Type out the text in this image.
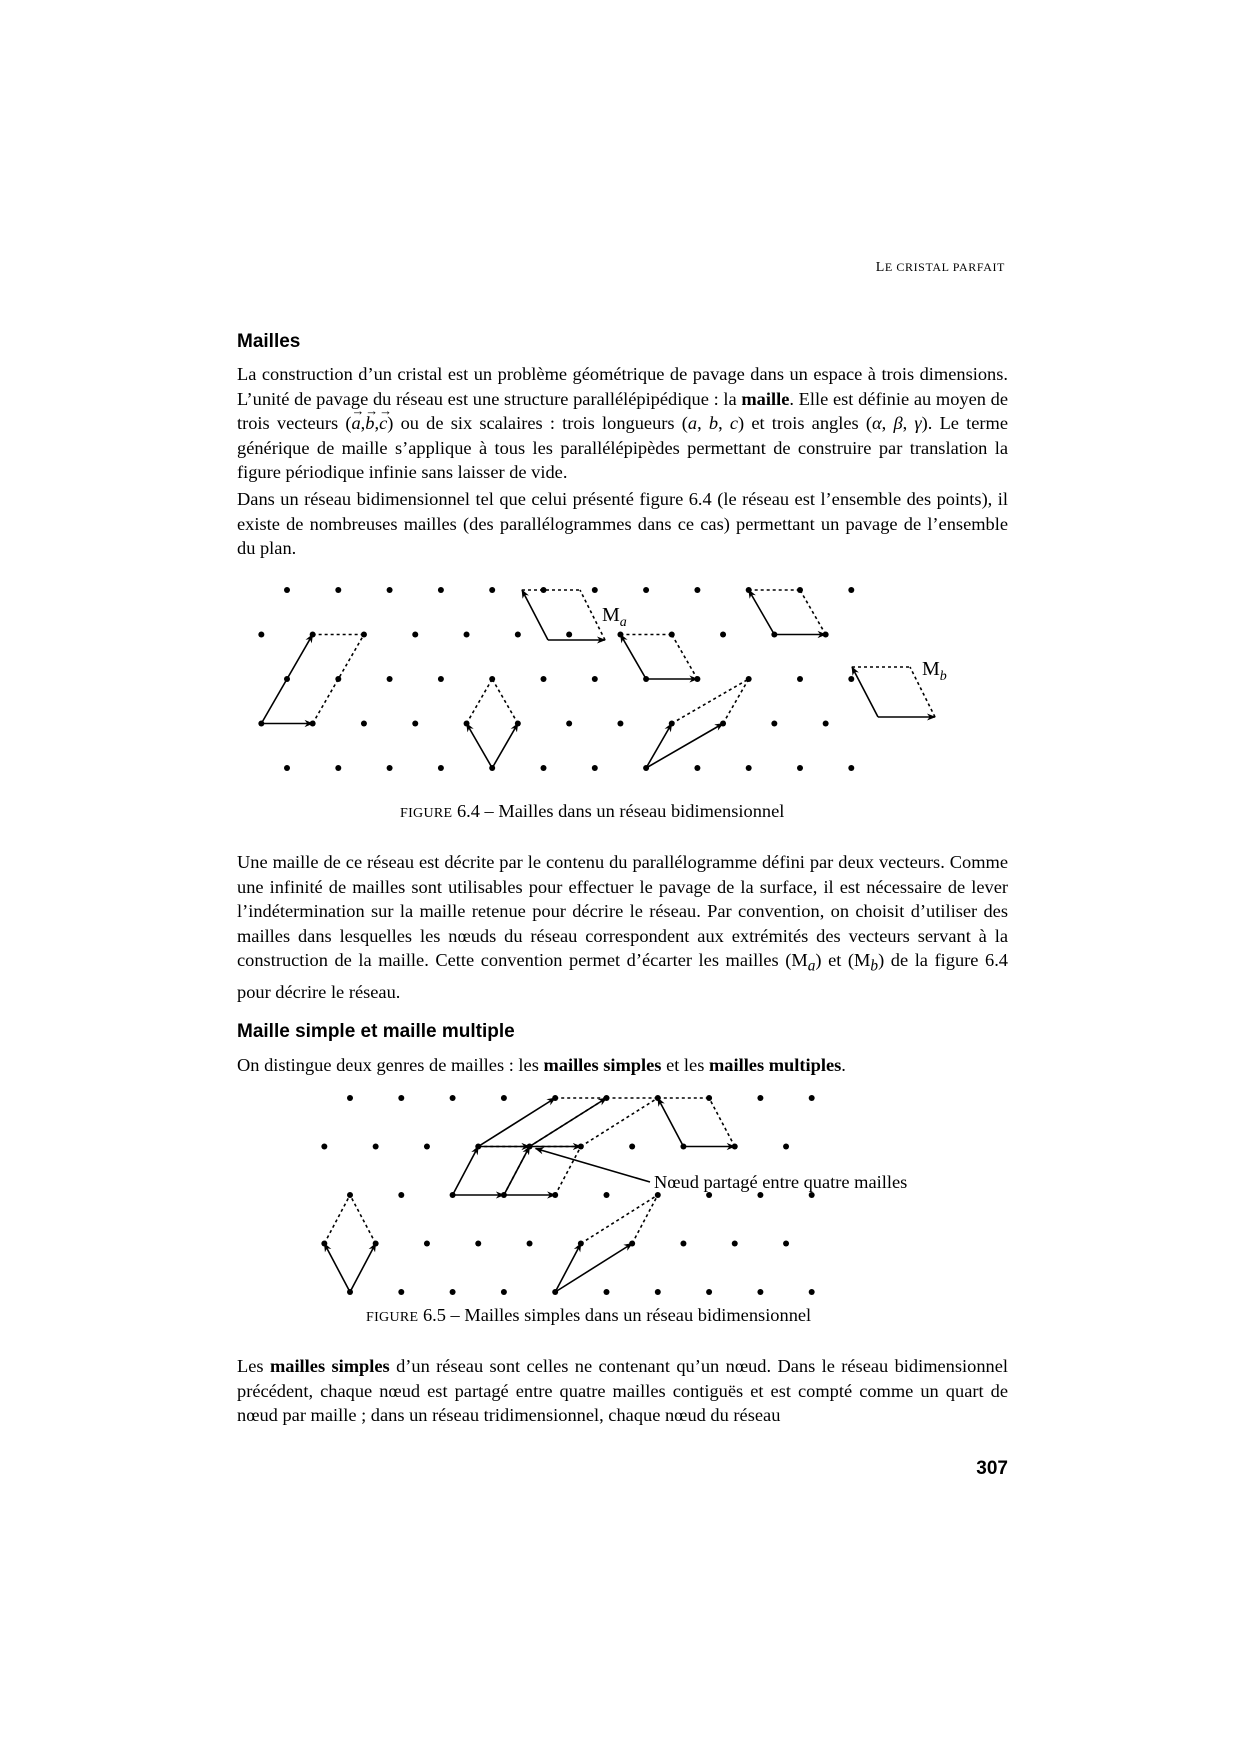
LE CRISTAL PARFAIT
Mailles

La construction d’un cristal est un problème géométrique de pavage dans un espace à trois dimensions. L’unité de pavage du réseau est une structure parallélépipédique : la maille. Elle est définie au moyen de trois vecteurs (→ a,→ b,→ c) ou de six scalaires : trois longueurs (a, b, c) et trois angles (α, β, γ). Le terme générique de maille s’applique à tous les parallélépipèdes permettant de construire par translation la figure périodique infinie sans laisser de vide.

Dans un réseau bidimensionnel tel que celui présenté figure 6.4 (le réseau est l’ensemble des points), il existe de nombreuses mailles (des parallélogrammes dans ce cas) permettant un pavage de l’ensemble du plan.

$M_a$
$M_b$
FIGURE 6.4 – Mailles dans un réseau bidimensionnel

Une maille de ce réseau est décrite par le contenu du parallélogramme défini par deux vecteurs. Comme une infinité de mailles sont utilisables pour effectuer le pavage de la surface, il est nécessaire de lever l’indétermination sur la maille retenue pour décrire le réseau. Par convention, on choisit d’utiliser des mailles dans lesquelles les nœuds du réseau correspondent aux extrémités des vecteurs servant à la construction de la maille. Cette convention permet d’écarter les mailles $(M_a)$ et $(M_b)$ de la figure 6.4 pour décrire le réseau.

Maille simple et maille multiple

On distingue deux genres de mailles : les mailles simples et les mailles multiples.

Nœud partagé entre quatre mailles
FIGURE 6.5 – Mailles simples dans un réseau bidimensionnel

Les mailles simples d’un réseau sont celles ne contenant qu’un nœud. Dans le réseau bidimensionnel précédent, chaque nœud est partagé entre quatre mailles contiguës et est compté comme un quart de nœud par maille ; dans un réseau tridimensionnel, chaque nœud du réseau

307
